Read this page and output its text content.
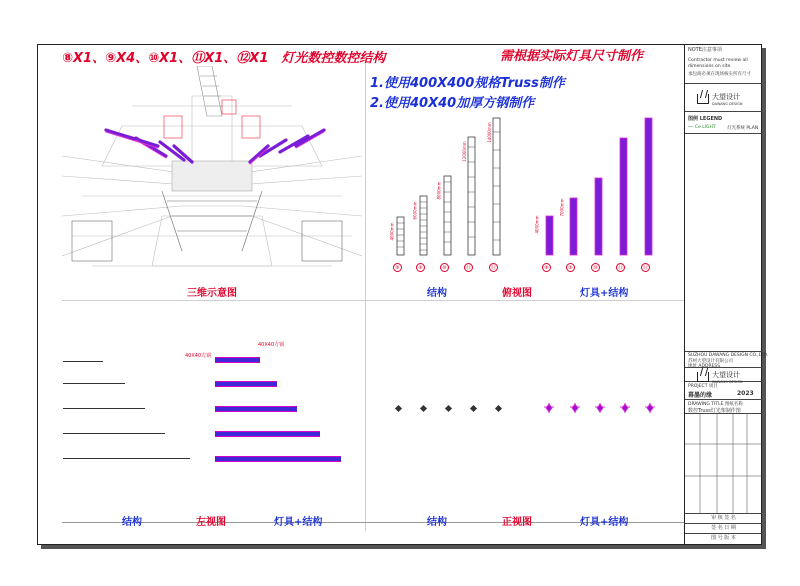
⑧X1、⑨X4、⑩X1、⑪X1、⑫X1　灯光数控数控结构	需根据实际灯具尺寸制作
1.使用400X400规格Truss制作
2.使用40X40加厚方钢制作
三维示意图
⑧	⑧
4000mm
⑨	⑨
6000mm
⑩	⑩
8000mm
⑪	⑪
12000mm
⑫	⑫
14000mm
4000mm
7000mm
结构	俯视图	灯具+结构
40X40方钢
40X40方钢
结构	左视图	灯具+结构	结构	正视图	灯具+结构
NOTE注意事项
Contractor must review all
dimensions on site.
承包商必须在现场核实所有尺寸
大望设计
DAWANG DESIGN
图例 LEGEND
── Ce LIGHT	灯光系统 PLAN
SUZHOU DAWANG DESIGN CO.,LTD.
苏州大望设计有限公司
地址 ADDRESS
大望设计
DAWANG DESIGN
PROJECT 项目
幕墨的缘	2023
DRAWING TITLE 图纸名称
数控Truss灯光架制作图
审 核 签 名
签 名 日 期
图 号 版 本
